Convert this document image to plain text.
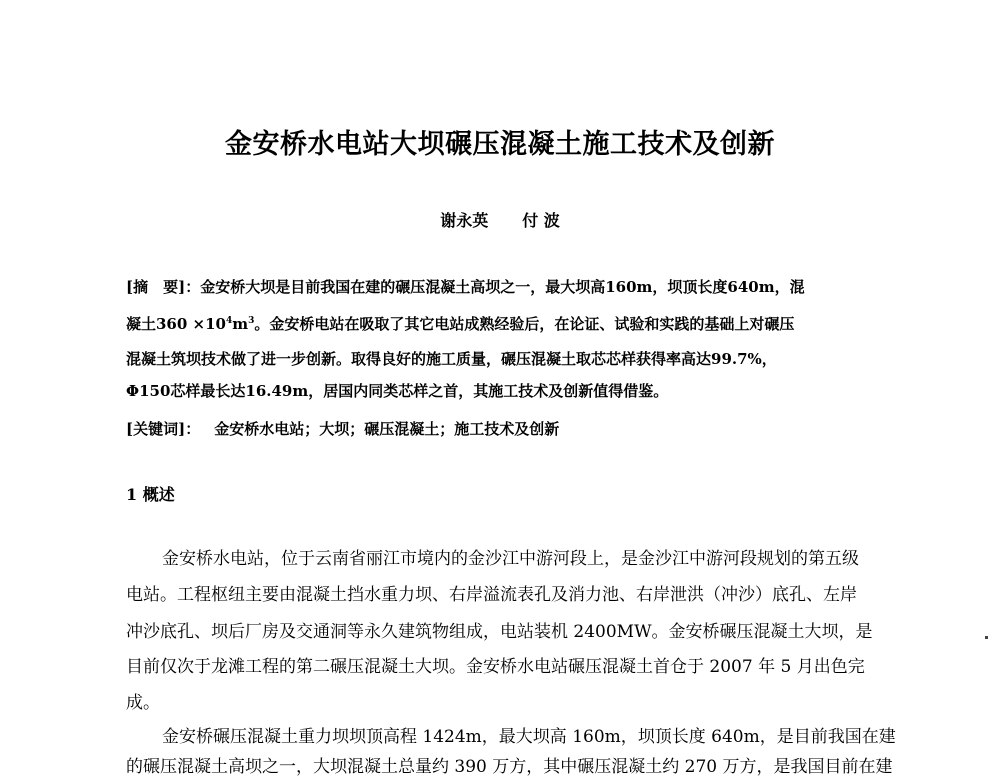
金安桥水电站大坝碾压混凝土施工技术及创新
谢永英 付 波
[摘　要]：金安桥大坝是目前我国在建的碾压混凝土高坝之一，最大坝高160m，坝顶长度640m，混
凝土$360 \times 10^4m^3$。金安桥电站在吸取了其它电站成熟经验后，在论证、试验和实践的基础上对碾压
混凝土筑坝技术做了进一步创新。取得良好的施工质量，碾压混凝土取芯芯样获得率高达99.7%，
Φ150芯样最长达16.49m，居国内同类芯样之首，其施工技术及创新值得借鉴。
[关键词]： 金安桥水电站；大坝；碾压混凝土；施工技术及创新
1 概述
金安桥水电站，位于云南省丽江市境内的金沙江中游河段上，是金沙江中游河段规划的第五级
电站。工程枢纽主要由混凝土挡水重力坝、右岸溢流表孔及消力池、右岸泄洪（冲沙）底孔、左岸
冲沙底孔、坝后厂房及交通洞等永久建筑物组成，电站装机 2400MW。金安桥碾压混凝土大坝，是
目前仅次于龙滩工程的第二碾压混凝土大坝。金安桥水电站碾压混凝土首仓于 2007 年 5 月出色完
成。
金安桥碾压混凝土重力坝坝顶高程 1424m，最大坝高 160m，坝顶长度 640m，是目前我国在建
的碾压混凝土高坝之一，大坝混凝土总量约 390 万方，其中碾压混凝土约 270 万方，是我国目前在建
